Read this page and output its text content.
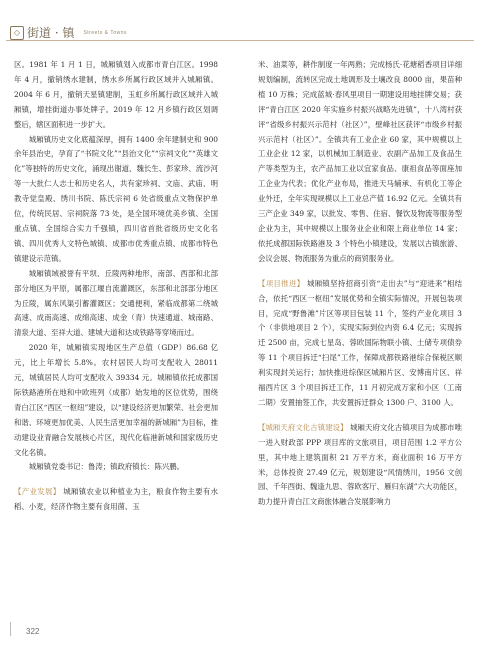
◇ 街道 · 镇 Streets & Towns

区。1981 年 1 月 1 日，城厢镇划入成都市青白江区。1998 年 4 月，撤销绣水建制，绣水乡所属行政区域并入城厢镇。2004 年 6 月，撤销天星镇建制，玉虹乡所属行政区域并入城厢镇，增挂街道办事处牌子。2019 年 12 月乡镇行政区划调整后，辖区面积进一步扩大。

城厢镇历史文化底蕴深厚，拥有 1400 余年建制史和 900 余年县治史，孕育了“书院文化”“县治文化”“宗祠文化”“英雄文化”等独特的历史文化，涌现出谢道、魏长生、彭家珍、流沙河等一大批仁人志士和历史名人，共有家珍祠、文庙、武庙、明教寺觉皇殿、绣川书院、陈氏宗祠 6 处省级重点文物保护单位，传统民居、宗祠院落 73 处，是全国环境优美乡镇、全国重点镇、全国综合实力千强镇，四川省首批省级历史文化名镇、四川优秀人文特色城镇、成都市优秀重点镇、成都市特色镇建设示范镇。

城厢镇域被誉有平坝、丘陵两种地形，南部、西部和北部部分地区为平原，属都江堰自流灌溉区，东部和北部部分地区为丘陵，属东风渠引蓄灌溉区；交通便利，紧临成都第二绕城高速、成南高速、成绵高速、成金（青）快速通道、城南路、清泉大道、至祥大道、建城大道和达成铁路等穿境而过。

2020 年，城厢镇实现地区生产总值（GDP）86.68 亿元，比上年增长 5.8%。农村居民人均可支配收入 28011 元，城镇居民人均可支配收入 39334 元。城厢镇依托成都国际铁路港所在地和中欧班列（成都）始发地的区位优势，围绕青白江区“西区一枢纽”建设，以“建设经济更加繁荣、社会更加和谐、环境更加优美、人民生活更加幸福的新城厢”为目标，推动建设业青融合发展核心片区，现代化临港新城和国家级历史文化名镇。

城厢镇党委书记：鲁涛；镇政府镇长：陈兴鹏。

【产业发展】 城厢镇农业以种植业为主，粮食作物主要有水稻、小麦，经济作物主要有食用菌、玉

米、油菜等，耕作制度一年两熟；完成杨氏·花塘稻香项目详细规划编制，流转区完成土地调形及土壤改良 8000 亩，果苗种植 10 万株；完成蓝城·春风里项目一期建设用地挂牌交易；获评“青白江区 2020 年实施乡村振兴战略先进镇”，十八湾村获评“省级乡村振兴示范村（社区）”，壁峰社区获评“市级乡村振兴示范村（社区）”。全镇共有工业企业 60 家，其中规模以上工业企业 12 家，以机械加工制造业、农副产品加工及食品生产等类型为主，农产品加工业以宜家食品、康祖食品等面座加工企业为代表；优化产业布局，推进天马辅承、有机化工等企业外迁，全年实现规模以上工业总产值 16.92 亿元。全镇共有三产企业 349 家，以批发、零售、住宿、餐饮及物流等服务型企业为主，其中规模以上服务业企业和限上商业单位 14 家；依托成都国际铁路港及 3 个特色小镇建设，发展以古镇旅游、会议会展、物流服务为重点的商贸服务业。

【项目推进】 城厢镇坚持招商引资“走出去”与“迎进来”相结合，依托“西区一枢纽”发展优势和全镇实际情况，开展包装项目，完成“野鲁滩”片区等项目包装 11 个，签约产业化项目 3 个（非供地项目 2 个），实现实际到位内资 6.4 亿元；实现拆迁 2500 亩，完成七星岛、蓉欧国际物联小镇、土储专项债券等 11 个项目拆迁“扫尾”工作，保障成都铁路港综合保税区顺利实现封关运行；加快推进综保区城厢片区、安博南片区、祥福西片区 3 个项目拆迁工作，11 月初完成万家和小区（工南二期）安置抽签工作，共安置拆迁群众 1300 户、3100 人。

【城厢天府文化古镇建设】 城厢天府文化古镇项目为成都市唯一进入财政部 PPP 项目库的文旅项目，项目范围 1.2 平方公里，其中地上建筑面积 21 万平方米，商业面积 16 万平方米，总体投资 27.49 亿元，规划建设“风情绣川，1956 文创园、千年西街、魏逢九思、蓉欧客厅、雁归东湖”六大功能区，助力提升青白江文商旅体融合发展影响力

322
